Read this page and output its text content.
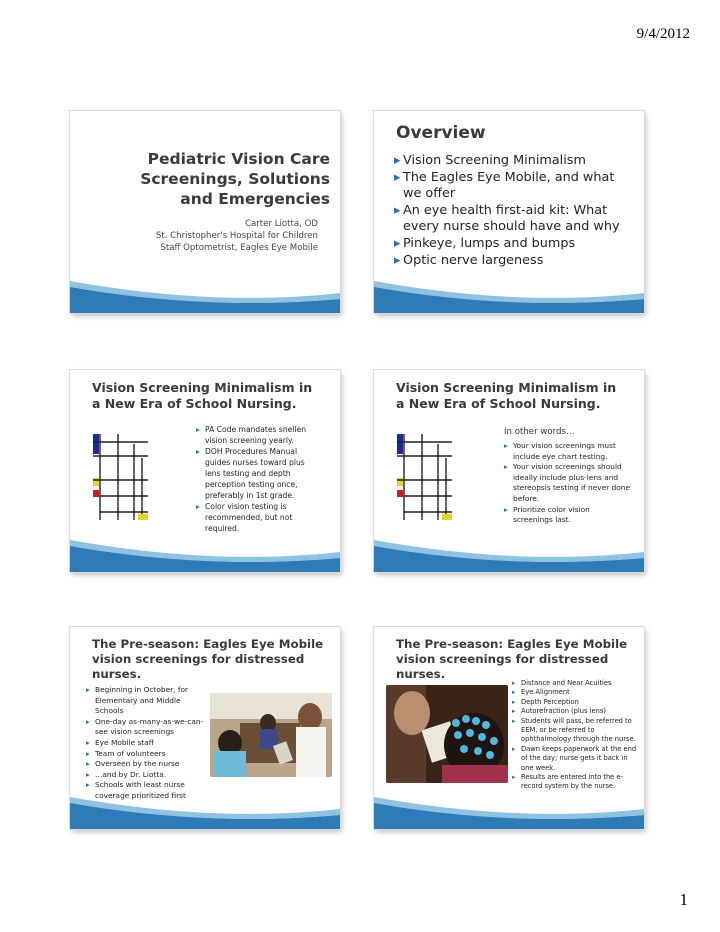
9/4/2012
Pediatric Vision Care Screenings, Solutions and Emergencies
Carter Liotta, OD
St. Christopher's Hospital for Children
Staff Optometrist, Eagles Eye Mobile
Overview
▸ Vision Screening Minimalism
▸ The Eagles Eye Mobile, and what we offer
▸ An eye health first-aid kit: What every nurse should have and why
▸ Pinkeye, lumps and bumps
▸ Optic nerve largeness
Vision Screening Minimalism in a New Era of School Nursing.
▸ PA Code mandates snellen vision screening yearly.
▸ DOH Procedures Manual guides nurses toward plus lens testing and depth perception testing once, preferably in 1st grade.
▸ Color vision testing is recommended, but not required.
Vision Screening Minimalism in a New Era of School Nursing.
In other words…
▸ Your vision screenings must include eye chart testing.
▸ Your vision screenings should ideally include plus-lens and stereopsis testing if never done before.
▸ Prioritize color vision screenings last.
The Pre-season: Eagles Eye Mobile vision screenings for distressed nurses.
▸ Beginning in October, for Elementary and Middle Schools
▸ One-day as-many-as-we-can-see vision screenings
▸ Eye Mobile staff
▸ Team of volunteers
▸ Overseen by the nurse
▸ …and by Dr. Liotta.
▸ Schools with least nurse coverage prioritized first
The Pre-season: Eagles Eye Mobile vision screenings for distressed nurses.
▸ Distance and Near Acuities
▸ Eye Alignment
▸ Depth Perception
▸ Autorefraction (plus lens)
▸ Students will pass, be referred to EEM, or be referred to ophthalmology through the nurse.
▸ Dawn keeps paperwork at the end of the day; nurse gets it back in one week.
▸ Results are entered into the e-record system by the nurse.
1
